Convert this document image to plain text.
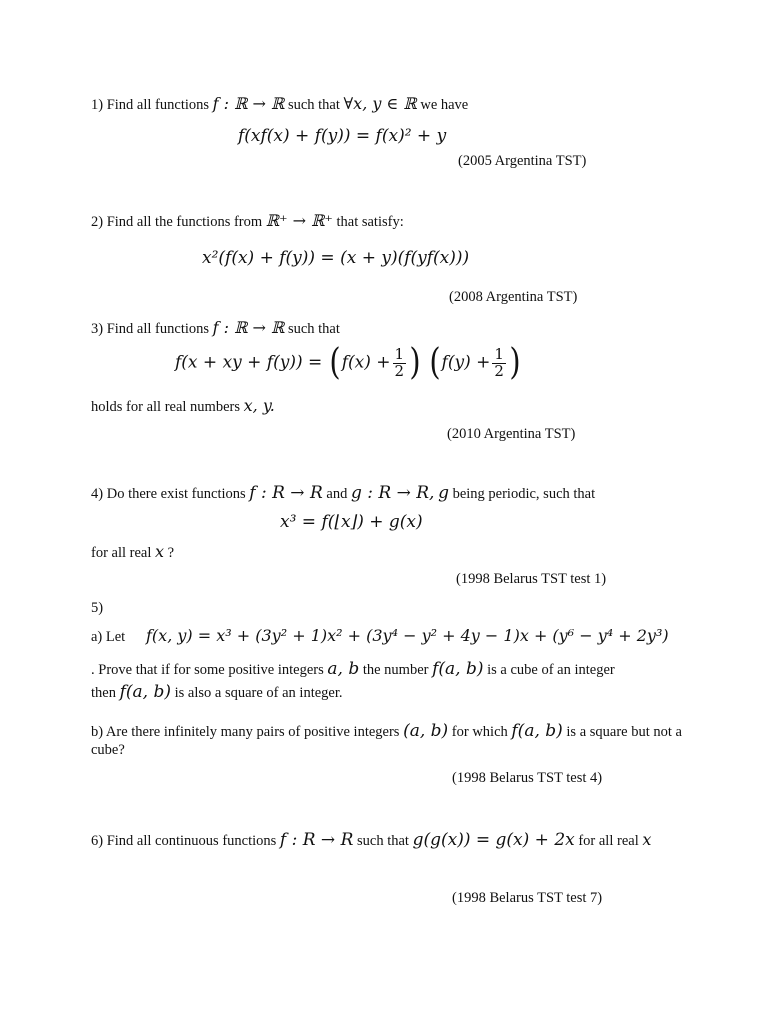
1) Find all functions f : ℝ → ℝ such that ∀x, y ∈ ℝ we have
f(xf(x) + f(y)) = f(x)² + y
(2005 Argentina TST)
2) Find all the functions from ℝ⁺ → ℝ⁺ that satisfy:
x²(f(x) + f(y)) = (x + y)(f(yf(x)))
(2008 Argentina TST)
3) Find all functions f : ℝ → ℝ such that
f(x + xy + $f(y)) = (f(x) + \frac{1}{2}$ ) ($f(y) + \frac{1}{2}$ )
holds for all real numbers x, y.
(2010 Argentina TST)
4) Do there exist functions f : R → R and g : R → R, g being periodic, such that
x³ = f(⌊x⌋) + g(x)
for all real x ?
(1998 Belarus TST test 1)
5)
a) Let f(x, y) = x³ + (3y² + 1)x² + (3y⁴ − y² + 4y − 1)x + (y⁶ − y⁴ + 2y³)
. Prove that if for some positive integers a, b the number f(a, b) is a cube of an integer
then f(a, b) is also a square of an integer.
b) Are there infinitely many pairs of positive integers (a, b) for which f(a, b) is a square but not a
cube?
(1998 Belarus TST test 4)
6) Find all continuous functions f : R → R such that g(g(x)) = g(x) + 2x for all real x
(1998 Belarus TST test 7)
